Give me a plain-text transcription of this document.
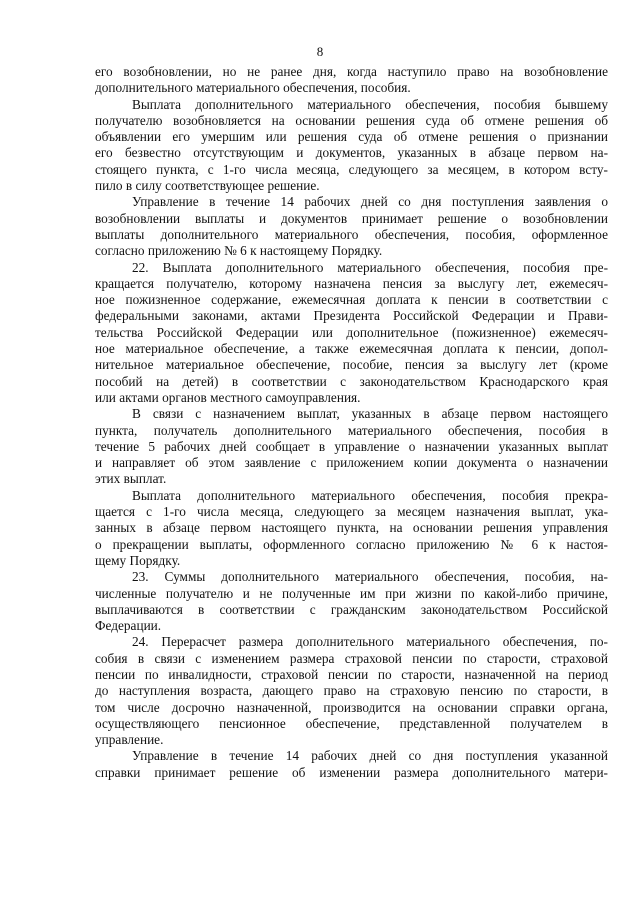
8
его возобновлении, но не ранее дня, когда наступило право на возобновление
дополнительного материального обеспечения, пособия.
Выплата дополнительного материального обеспечения, пособия бывшему
получателю возобновляется на основании решения суда об отмене решения об
объявлении его умершим или решения суда об отмене решения о признании
его безвестно отсутствующим и документов, указанных в абзаце первом на-
стоящего пункта, с 1-го числа месяца, следующего за месяцем, в котором всту-
пило в силу соответствующее решение.
Управление в течение 14 рабочих дней со дня поступления заявления о
возобновлении выплаты и документов принимает решение о возобновлении
выплаты дополнительного материального обеспечения, пособия, оформленное
согласно приложению № 6 к настоящему Порядку.
22. Выплата дополнительного материального обеспечения, пособия пре-
кращается получателю, которому назначена пенсия за выслугу лет, ежемесяч-
ное пожизненное содержание, ежемесячная доплата к пенсии в соответствии с
федеральными законами, актами Президента Российской Федерации и Прави-
тельства Российской Федерации или дополнительное (пожизненное) ежемесяч-
ное материальное обеспечение, а также ежемесячная доплата к пенсии, допол-
нительное материальное обеспечение, пособие, пенсия за выслугу лет (кроме
пособий на детей) в соответствии с законодательством Краснодарского края
или актами органов местного самоуправления.
В связи с назначением выплат, указанных в абзаце первом настоящего
пункта, получатель дополнительного материального обеспечения, пособия в
течение 5 рабочих дней сообщает в управление о назначении указанных выплат
и направляет об этом заявление с приложением копии документа о назначении
этих выплат.
Выплата дополнительного материального обеспечения, пособия прекра-
щается с 1-го числа месяца, следующего за месяцем назначения выплат, ука-
занных в абзаце первом настоящего пункта, на основании решения управления
о прекращении выплаты, оформленного согласно приложению № 6 к настоя-
щему Порядку.
23. Суммы дополнительного материального обеспечения, пособия, на-
численные получателю и не полученные им при жизни по какой-либо причине,
выплачиваются в соответствии с гражданским законодательством Российской
Федерации.
24. Перерасчет размера дополнительного материального обеспечения, по-
собия в связи с изменением размера страховой пенсии по старости, страховой
пенсии по инвалидности, страховой пенсии по старости, назначенной на период
до наступления возраста, дающего право на страховую пенсию по старости, в
том числе досрочно назначенной, производится на основании справки органа,
осуществляющего пенсионное обеспечение, представленной получателем в
управление.
Управление в течение 14 рабочих дней со дня поступления указанной
справки принимает решение об изменении размера дополнительного матери-
